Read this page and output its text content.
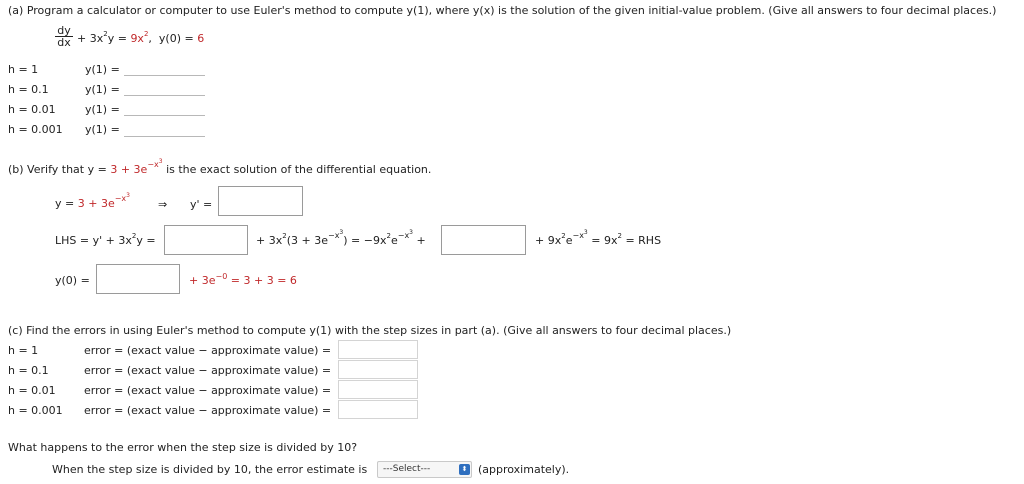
(a) Program a calculator or computer to use Euler's method to compute y(1), where y(x) is the solution of the given initial-value problem. (Give all answers to four decimal places.)
$\frac{dy}{dx} + 3x^2y = 9x^2$,  y(0) = 6
h = 1	y(1) =
h = 0.1	y(1) =
h = 0.01	y(1) =
h = 0.001 y(1) =
(b) Verify that $y = 3 + 3e^{-x3}$ is the exact solution of the differential equation.
$y = 3 + 3e^{-x3}$
⇒ y' =
LHS = $y' + 3x^2y$ =	+ $3x^2(3 + 3e^{-x3}) = -9x^2e^{-x3}$ +	+ $9x^2e^{-x3} = 9x^2$ = RHS
y(0) =	+ $3e^{-0} = 3 + 3 = 6$
(c) Find the errors in using Euler's method to compute y(1) with the step sizes in part (a). (Give all answers to four decimal places.)
h = 1	error = (exact value − approximate value) =
h = 0.1	error = (exact value − approximate value) =
h = 0.01	error = (exact value − approximate value) =
h = 0.001 error = (exact value − approximate value) =
What happens to the error when the step size is divided by 10?
When the step size is divided by 10, the error estimate is	---Select---	⬍ (approximately).
